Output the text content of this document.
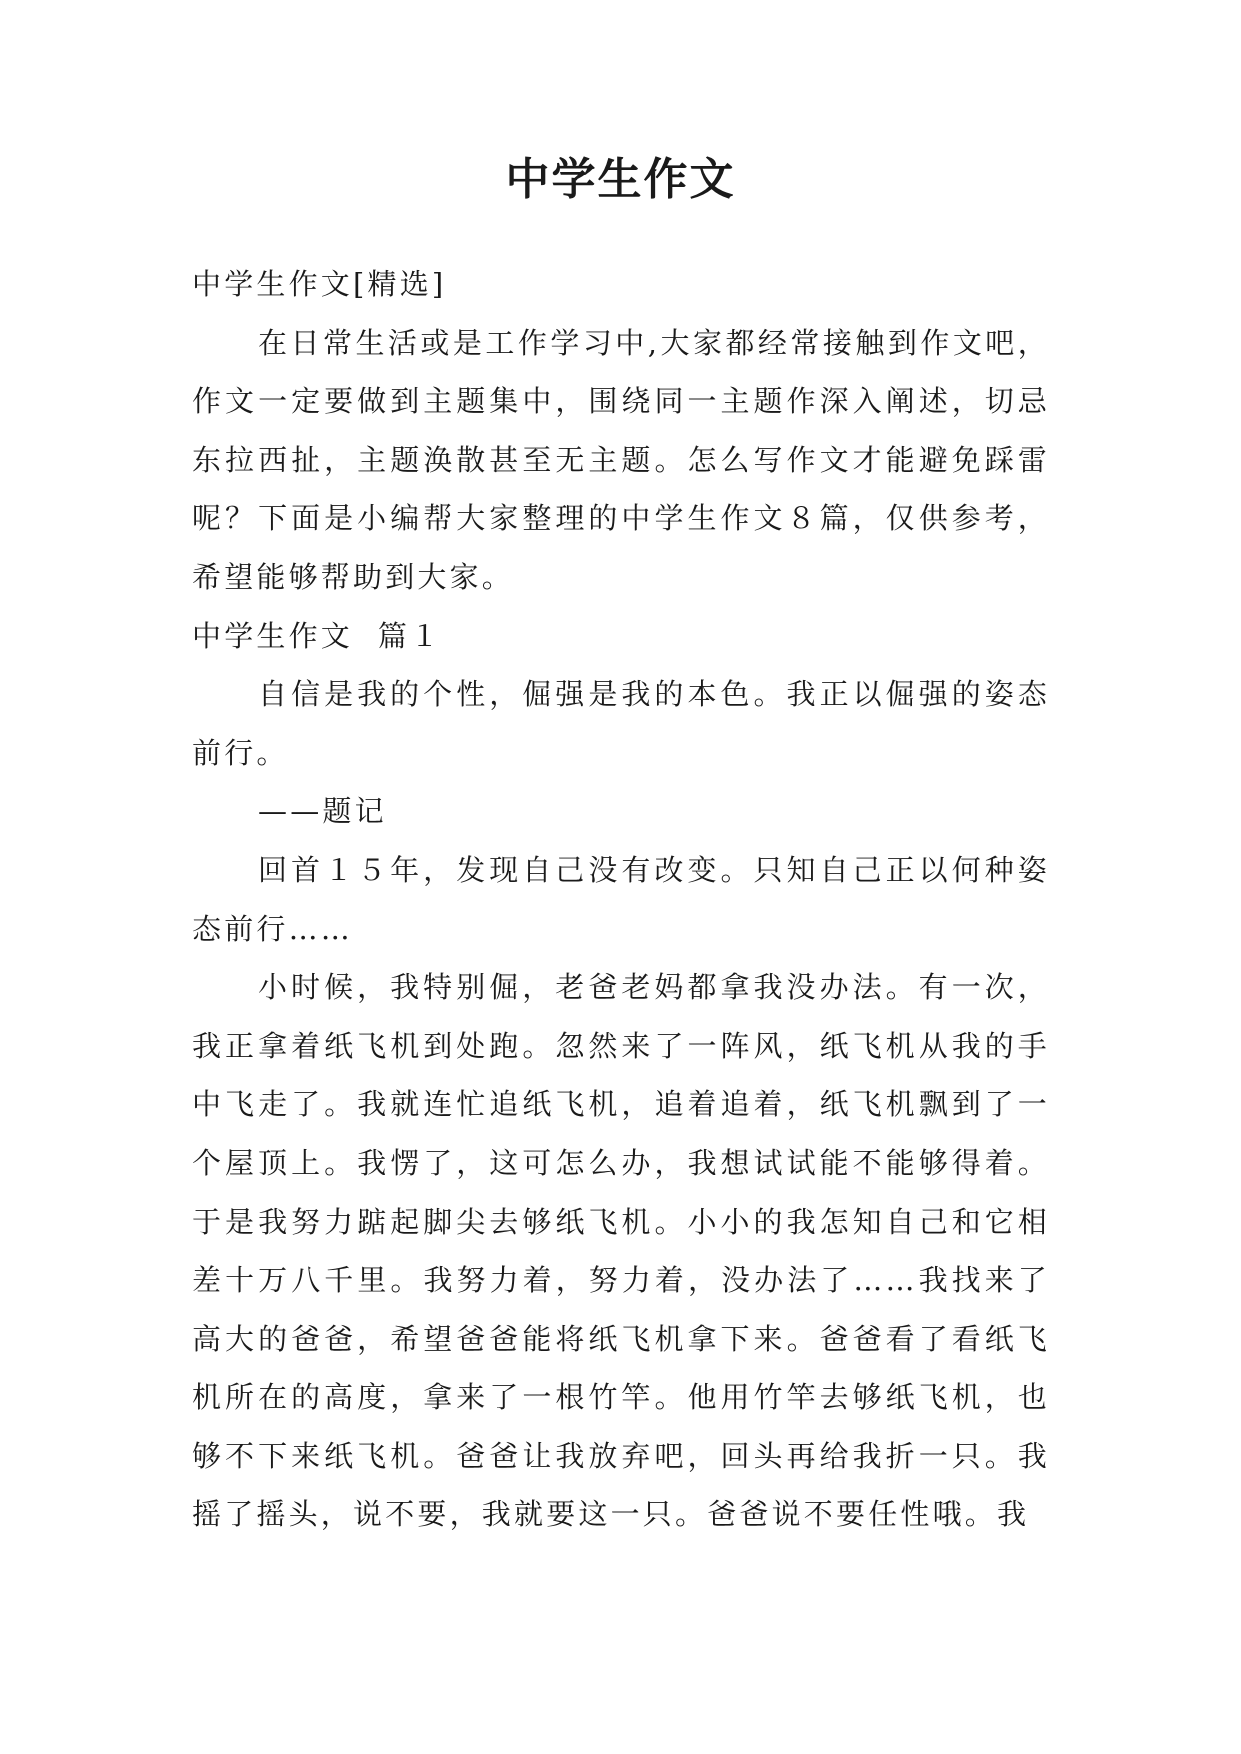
中学生作文

中学生作文[精选]

在日常生活或是工作学习中,大家都经常接触到作文吧，作文一定要做到主题集中，围绕同一主题作深入阐述，切忌东拉西扯，主题涣散甚至无主题。怎么写作文才能避免踩雷呢？下面是小编帮大家整理的中学生作文８篇，仅供参考，希望能够帮助到大家。

中学生作文  篇１

自信是我的个性，倔强是我的本色。我正以倔强的姿态前行。

——题记

回首１５年，发现自己没有改变。只知自己正以何种姿态前行……

小时候，我特别倔，老爸老妈都拿我没办法。有一次，我正拿着纸飞机到处跑。忽然来了一阵风，纸飞机从我的手中飞走了。我就连忙追纸飞机，追着追着，纸飞机飘到了一个屋顶上。我愣了，这可怎么办，我想试试能不能够得着。于是我努力踮起脚尖去够纸飞机。小小的我怎知自己和它相差十万八千里。我努力着，努力着，没办法了……我找来了高大的爸爸，希望爸爸能将纸飞机拿下来。爸爸看了看纸飞机所在的高度，拿来了一根竹竿。他用竹竿去够纸飞机，也够不下来纸飞机。爸爸让我放弃吧，回头再给我折一只。我摇了摇头，说不要，我就要这一只。爸爸说不要任性哦。我
